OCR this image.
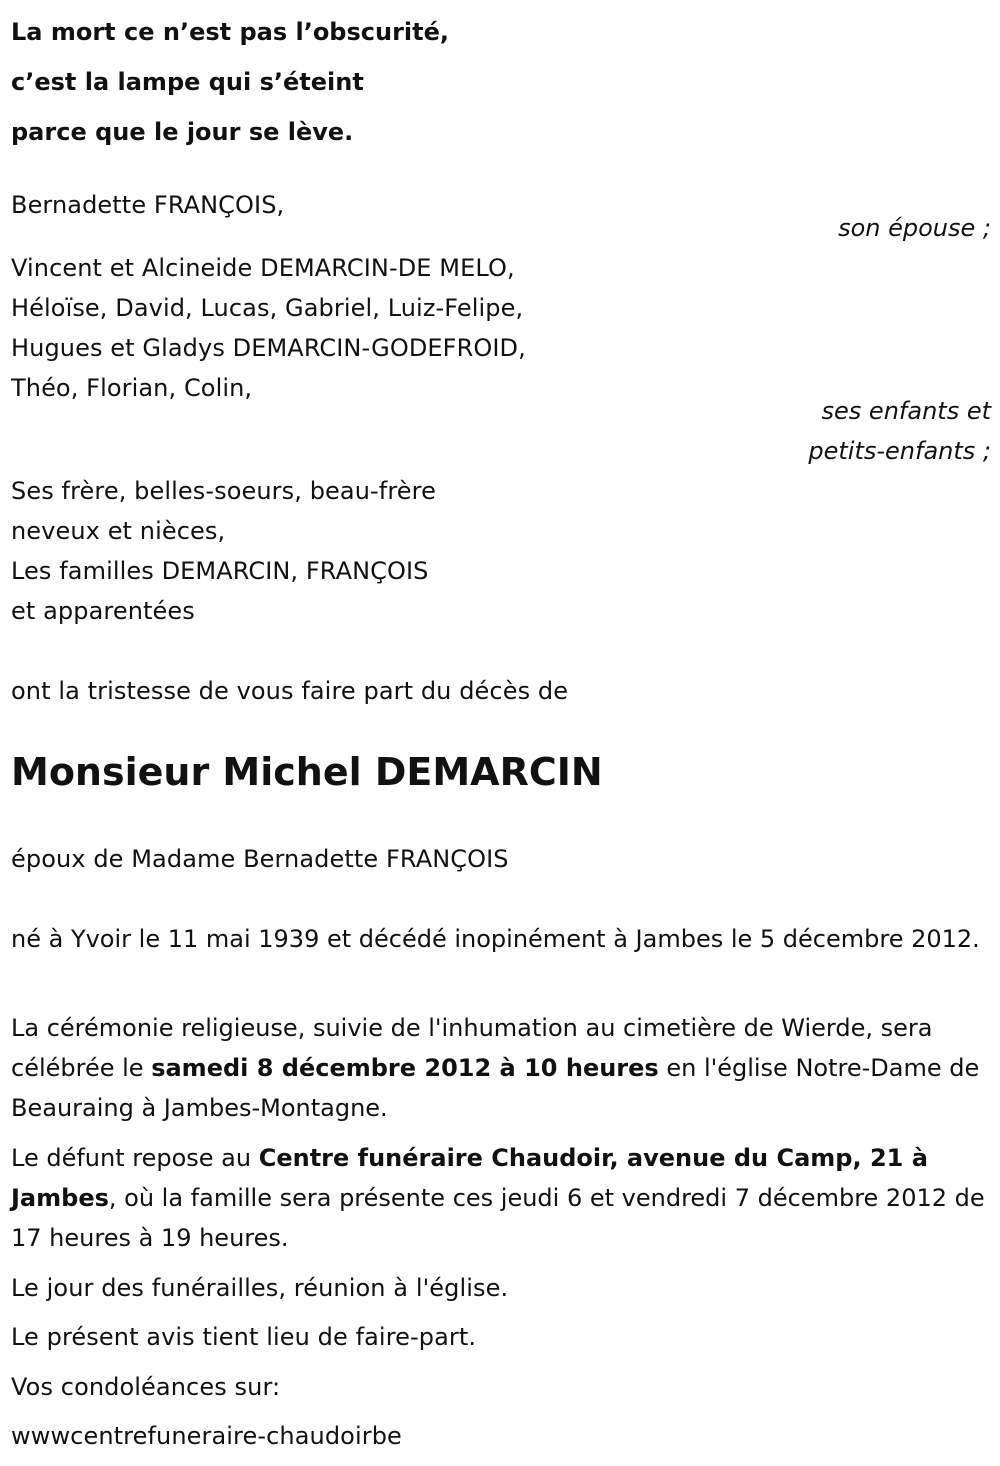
La mort ce n’est pas l’obscurité,
c’est la lampe qui s’éteint
parce que le jour se lève.
Bernadette FRANÇOIS,
son épouse ;
Vincent et Alcineide DEMARCIN-DE MELO,
Héloïse, David, Lucas, Gabriel, Luiz-Felipe,
Hugues et Gladys DEMARCIN-GODEFROID,
Théo, Florian, Colin,
ses enfants et
petits-enfants ;
Ses frère, belles-soeurs, beau-frère
neveux et nièces,
Les familles DEMARCIN, FRANÇOIS
et apparentées
ont la tristesse de vous faire part du décès de
Monsieur Michel DEMARCIN
époux de Madame Bernadette FRANÇOIS
né à Yvoir le 11 mai 1939 et décédé inopinément à Jambes le 5 décembre 2012.
La cérémonie religieuse, suivie de l'inhumation au cimetière de Wierde, sera célébrée le samedi 8 décembre 2012 à 10 heures en l'église Notre-Dame de Beauraing à Jambes-Montagne.
Le défunt repose au Centre funéraire Chaudoir, avenue du Camp, 21 à Jambes, où la famille sera présente ces jeudi 6 et vendredi 7 décembre 2012 de 17 heures à 19 heures.
Le jour des funérailles, réunion à l'église.
Le présent avis tient lieu de faire-part.
Vos condoléances sur:
wwwcentrefuneraire-chaudoirbe
